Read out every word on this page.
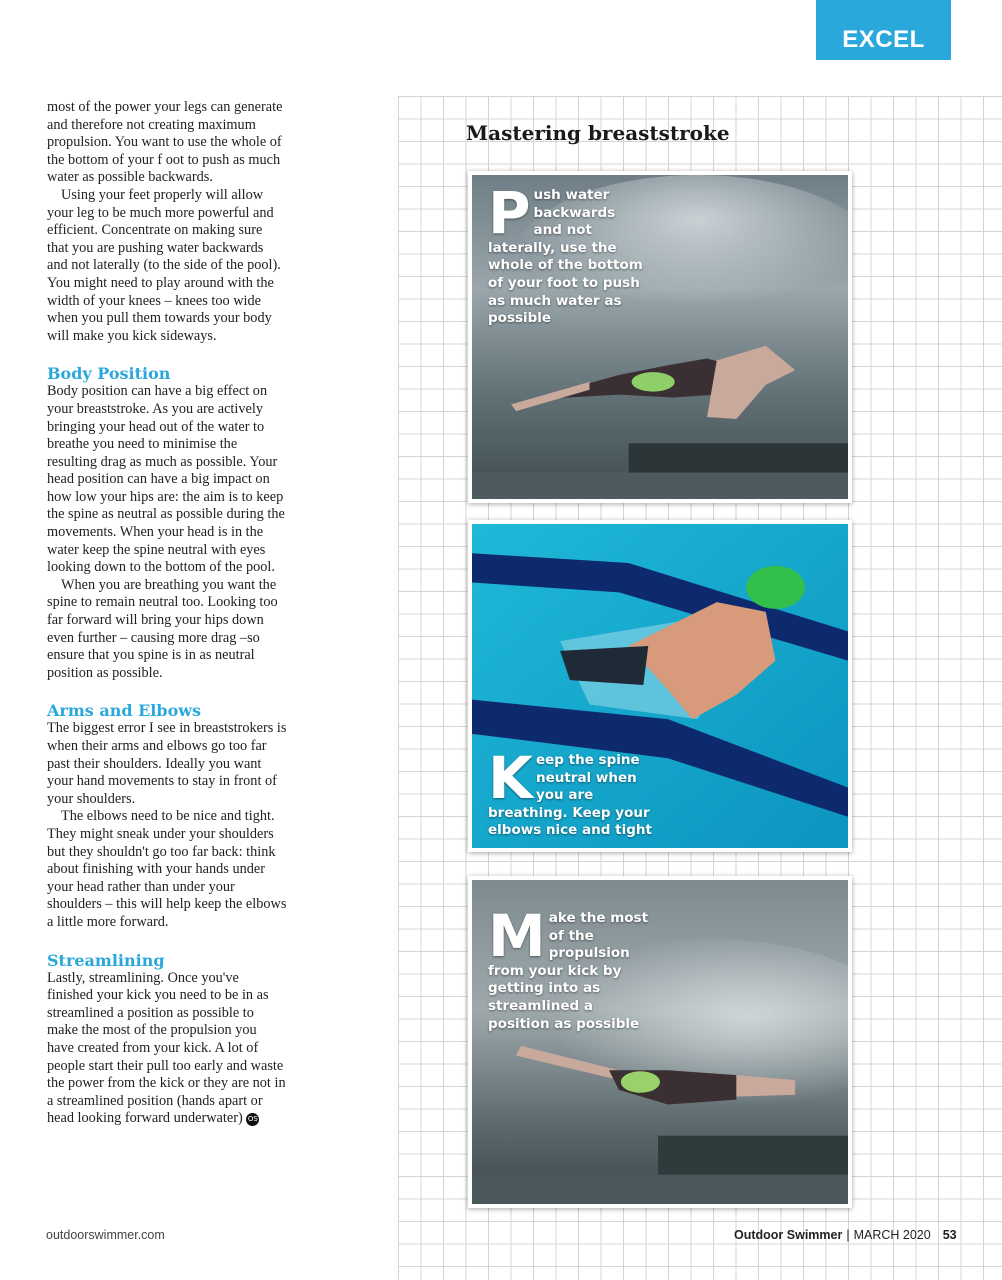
EXCEL

most of the power your legs can generate and therefore not creating maximum propulsion. You want to use the whole of the bottom of your f oot to push as much water as possible backwards.

Using your feet properly will allow your leg to be much more powerful and efficient. Concentrate on making sure that you are pushing water backwards and not laterally (to the side of the pool). You might need to play around with the width of your knees – knees too wide when you pull them towards your body will make you kick sideways.

Body Position

Body position can have a big effect on your breaststroke. As you are actively bringing your head out of the water to breathe you need to minimise the resulting drag as much as possible. Your head position can have a big impact on how low your hips are: the aim is to keep the spine as neutral as possible during the movements. When your head is in the water keep the spine neutral with eyes looking down to the bottom of the pool.

When you are breathing you want the spine to remain neutral too. Looking too far forward will bring your hips down even further – causing more drag –so ensure that you spine is in as neutral position as possible.

Arms and Elbows

The biggest error I see in breaststrokers is when their arms and elbows go too far past their shoulders. Ideally you want your hand movements to stay in front of your shoulders.

The elbows need to be nice and tight. They might sneak under your shoulders but they shouldn't go too far back: think about finishing with your hands under your head rather than under your shoulders – this will help keep the elbows a little more forward.

Streamlining

Lastly, streamlining. Once you've finished your kick you need to be in as streamlined a position as possible to make the most of the propulsion you have created from your kick. A lot of people start their pull too early and waste the power from the kick or they are not in a streamlined position (hands apart or head looking forward underwater) OS

Mastering breaststroke
Push water backwards and not laterally, use the whole of the bottom of your foot to push as much water as possible
Keep the spine neutral when you are breathing. Keep your elbows nice and tight
Make the most of the propulsion from your kick by getting into as streamlined a position as possible
outdoorswimmer.com	Outdoor Swimmer | MARCH 2020 53
